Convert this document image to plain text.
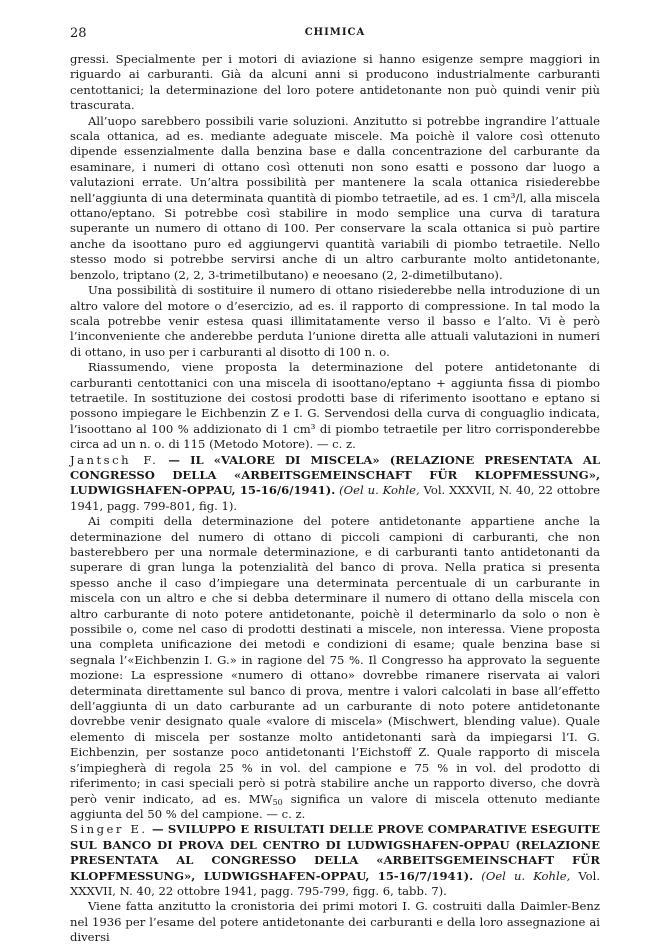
28	CHIMICA

gressi. Specialmente per i motori di aviazione si hanno esigenze sempre maggiori in riguardo ai carburanti. Già da alcuni anni si producono industrialmente carburanti centottanici; la determinazione del loro potere antidetonante non può quindi venir più trascurata.

All’uopo sarebbero possibili varie soluzioni. Anzitutto si potrebbe ingrandire l’attuale scala ottanica, ad es. mediante adeguate miscele. Ma poichè il valore così ottenuto dipende essenzialmente dalla benzina base e dalla concentrazione del carburante da esaminare, i numeri di ottano così ottenuti non sono esatti e possono dar luogo a valutazioni errate. Un’altra possibilità per mantenere la scala ottanica risiederebbe nell’aggiunta di una determinata quantità di piombo tetraetile, ad es. 1 cm³/l, alla miscela ottano/eptano. Si potrebbe così stabilire in modo semplice una curva di taratura superante un numero di ottano di 100. Per conservare la scala ottanica si può partire anche da isoottano puro ed aggiungervi quantità variabili di piombo tetraetile. Nello stesso modo si potrebbe servirsi anche di un altro carburante molto antidetonante, benzolo, triptano (2, 2, 3-trimetilbutano) e neoesano (2, 2-dimetilbutano).

Una possibilità di sostituire il numero di ottano risiederebbe nella introduzione di un altro valore del motore o d’esercizio, ad es. il rapporto di compressione. In tal modo la scala potrebbe venir estesa quasi illimitatamente verso il basso e l’alto. Vi è però l’inconveniente che anderebbe perduta l’unione diretta alle attuali valutazioni in numeri di ottano, in uso per i carburanti al disotto di 100 n. o.

Riassumendo, viene proposta la determinazione del potere antidetonante di carburanti centottanici con una miscela di isoottano/eptano + aggiunta fissa di piombo tetraetile. In sostituzione dei costosi prodotti base di riferimento isoottano e eptano si possono impiegare le Eichbenzin Z e I. G. Servendosi della curva di conguaglio indicata, l’isoottano al 100 % addizionato di 1 cm³ di piombo tetraetile per litro corrisponderebbe circa ad un n. o. di 115 (Metodo Motore). — c. z.

Jantsch F. — IL «VALORE DI MISCELA» (RELAZIONE PRESENTATA AL CONGRESSO DELLA «ARBEITSGEMEINSCHAFT FÜR KLOPFMESSUNG», LUDWIGSHAFEN-OPPAU, 15-16/6/1941). (Oel u. Kohle, Vol. XXXVII, N. 40, 22 ottobre 1941, pagg. 799-801, fig. 1).

Ai compiti della determinazione del potere antidetonante appartiene anche la determinazione del numero di ottano di piccoli campioni di carburanti, che non basterebbero per una normale determinazione, e di carburanti tanto antidetonanti da superare di gran lunga la potenzialità del banco di prova. Nella pratica si presenta spesso anche il caso d’impiegare una determinata percentuale di un carburante in miscela con un altro e che si debba determinare il numero di ottano della miscela con altro carburante di noto potere antidetonante, poichè il determinarlo da solo o non è possibile o, come nel caso di prodotti destinati a miscele, non interessa. Viene proposta una completa unificazione dei metodi e condizioni di esame; quale benzina base si segnala l’«Eichbenzin I. G.» in ragione del 75 %. Il Congresso ha approvato la seguente mozione: La espressione «numero di ottano» dovrebbe rimanere riservata ai valori determinata direttamente sul banco di prova, mentre i valori calcolati in base all’effetto dell’aggiunta di un dato carburante ad un carburante di noto potere antidetonante dovrebbe venir designato quale «valore di miscela» (Mischwert, blending value). Quale elemento di miscela per sostanze molto antidetonanti sarà da impiegarsi l’I. G. Eichbenzin, per sostanze poco antidetonanti l’Eichstoff Z. Quale rapporto di miscela s’impiegherà di regola 25 % in vol. del campione e 75 % in vol. del prodotto di riferimento; in casi speciali però si potrà stabilire anche un rapporto diverso, che dovrà però venir indicato, ad es. $MW_{50}$ significa un valore di miscela ottenuto mediante aggiunta del 50 % del campione. — c. z.

Singer E. — SVILUPPO E RISULTATI DELLE PROVE COMPARATIVE ESEGUITE SUL BANCO DI PROVA DEL CENTRO DI LUDWIGSHAFEN-OPPAU (RELAZIONE PRESENTATA AL CONGRESSO DELLA «ARBEITSGEMEINSCHAFT FÜR KLOPFMESSUNG», LUDWIGSHAFEN-OPPAU, 15-16/7/1941). (Oel u. Kohle, Vol. XXXVII, N. 40, 22 ottobre 1941, pagg. 795-799, figg. 6, tabb. 7).

Viene fatta anzitutto la cronistoria dei primi motori I. G. costruiti dalla Daimler-Benz nel 1936 per l’esame del potere antidetonante dei carburanti e della loro assegnazione ai diversi
